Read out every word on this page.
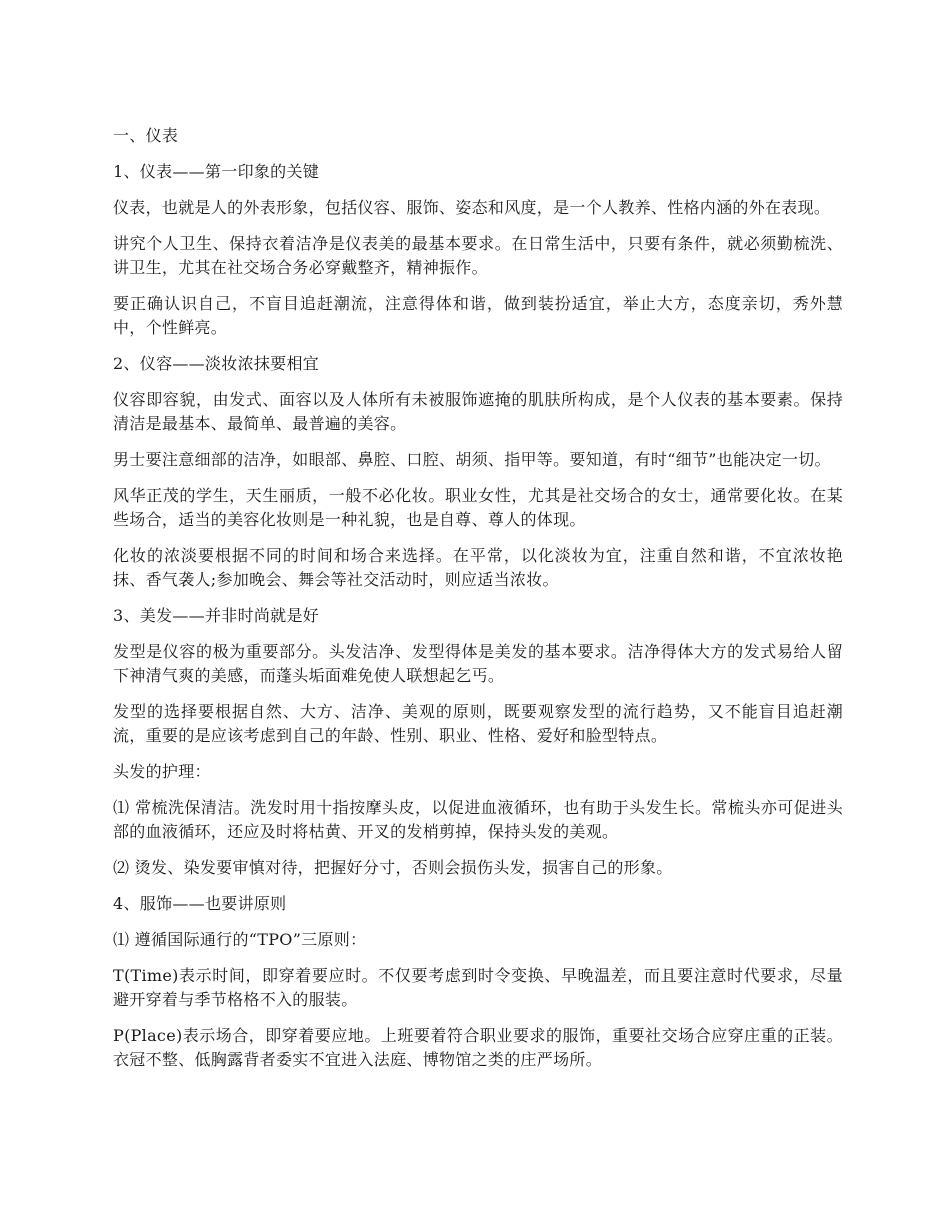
一、仪表
1、仪表——第一印象的关键
仪表，也就是人的外表形象，包括仪容、服饰、姿态和风度，是一个人教养、性格内涵的外在表现。
讲究个人卫生、保持衣着洁净是仪表美的最基本要求。在日常生活中，只要有条件，就必须勤梳洗、讲卫生，尤其在社交场合务必穿戴整齐，精神振作。
要正确认识自己，不盲目追赶潮流，注意得体和谐，做到装扮适宜，举止大方，态度亲切，秀外慧中，个性鲜亮。
2、仪容——淡妆浓抹要相宜
仪容即容貌，由发式、面容以及人体所有未被服饰遮掩的肌肤所构成，是个人仪表的基本要素。保持清洁是最基本、最简单、最普遍的美容。
男士要注意细部的洁净，如眼部、鼻腔、口腔、胡须、指甲等。要知道，有时“细节”也能决定一切。
风华正茂的学生，天生丽质，一般不必化妆。职业女性，尤其是社交场合的女士，通常要化妆。在某些场合，适当的美容化妆则是一种礼貌，也是自尊、尊人的体现。
化妆的浓淡要根据不同的时间和场合来选择。在平常，以化淡妆为宜，注重自然和谐，不宜浓妆艳抹、香气袭人;参加晚会、舞会等社交活动时，则应适当浓妆。
3、美发——并非时尚就是好
发型是仪容的极为重要部分。头发洁净、发型得体是美发的基本要求。洁净得体大方的发式易给人留下神清气爽的美感，而蓬头垢面难免使人联想起乞丐。
发型的选择要根据自然、大方、洁净、美观的原则，既要观察发型的流行趋势，又不能盲目追赶潮流，重要的是应该考虑到自己的年龄、性别、职业、性格、爱好和脸型特点。
头发的护理：
⑴ 常梳洗保清洁。洗发时用十指按摩头皮，以促进血液循环，也有助于头发生长。常梳头亦可促进头部的血液循环，还应及时将枯黄、开叉的发梢剪掉，保持头发的美观。
⑵ 烫发、染发要审慎对待，把握好分寸，否则会损伤头发，损害自己的形象。
4、服饰——也要讲原则
⑴ 遵循国际通行的“TPO”三原则：
T(Time)表示时间，即穿着要应时。不仅要考虑到时令变换、早晚温差，而且要注意时代要求，尽量避开穿着与季节格格不入的服装。
P(Place)表示场合，即穿着要应地。上班要着符合职业要求的服饰，重要社交场合应穿庄重的正装。衣冠不整、低胸露背者委实不宜进入法庭、博物馆之类的庄严场所。
